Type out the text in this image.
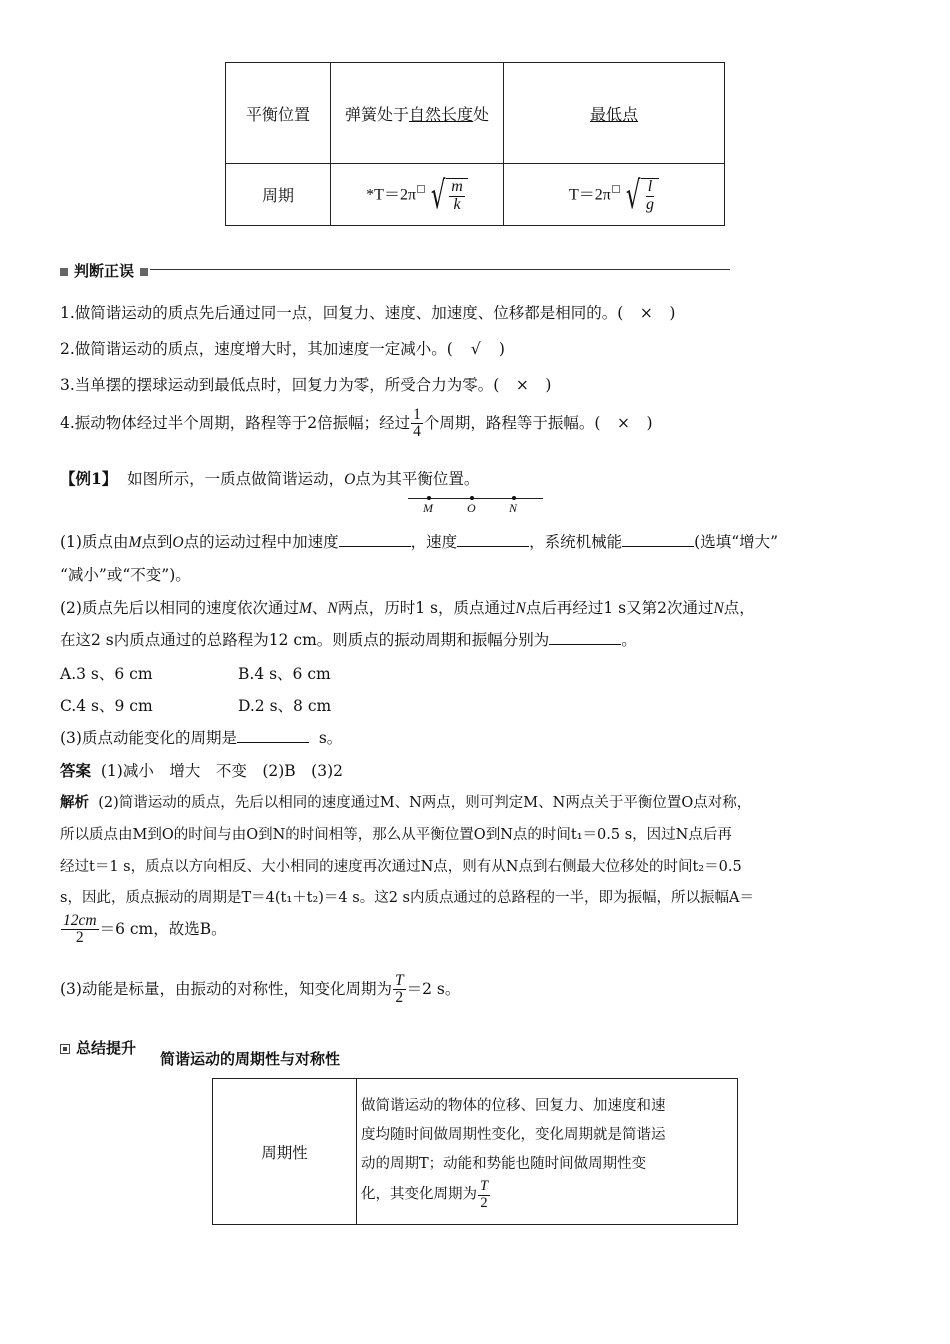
平衡位置	弹簧处于自然长度处	最低点
周期	*T＝2π √ $\frac{m}{k}$	T＝2π √ $\frac{l}{g}$
判断正误
1.做简谐运动的质点先后通过同一点，回复力、速度、加速度、位移都是相同的。( × )
2.做简谐运动的质点，速度增大时，其加速度一定减小。( √ )
3.当单摆的摆球运动到最低点时，回复力为零，所受合力为零。( × )
4.振动物体经过半个周期，路程等于2倍振幅；经过 $\frac{1}{4}$ 个周期，路程等于振幅。( × )
【例1】 如图所示，一质点做简谐运动，O点为其平衡位置。
M	O	N
(1)质点由M点到O点的运动过程中加速度	，速度	，系统机械能	(选填“增大”
“减小”或“不变”)。
(2)质点先后以相同的速度依次通过M、N两点，历时1 s，质点通过N点后再经过1 s又第2次通过N点，
在这2 s内质点通过的总路程为12 cm。则质点的振动周期和振幅分别为	。
A.3 s、6 cm	B.4 s、6 cm
C.4 s、9 cm	D.2 s、8 cm
(3)质点动能变化的周期是	s。
答案 (1)减小　增大　不变　(2)B　(3)2
解析 (2)简谐运动的质点，先后以相同的速度通过M、N两点，则可判定M、N两点关于平衡位置O点对称，
所以质点由M到O的时间与由O到N的时间相等，那么从平衡位置O到N点的时间t₁＝0.5 s，因过N点后再
经过t＝1 s，质点以方向相反、大小相同的速度再次通过N点，则有从N点到右侧最大位移处的时间t₂＝0.5
s，因此，质点振动的周期是T＝4(t₁＋t₂)＝4 s。这2 s内质点通过的总路程的一半，即为振幅，所以振幅A＝
$\frac{12cm}{2} =6$ cm，故选B。
(3)动能是标量，由振动的对称性，知变化周期为 $\frac{T}{2} =2$ s。
总结提升
简谐运动的周期性与对称性
周期性	
做简谐运动的物体的位移、回复力、加速度和速
度均随时间做周期性变化，变化周期就是简谐运
动的周期T；动能和势能也随时间做周期性变
化，其变化周期为 $\frac{T}{2}$
